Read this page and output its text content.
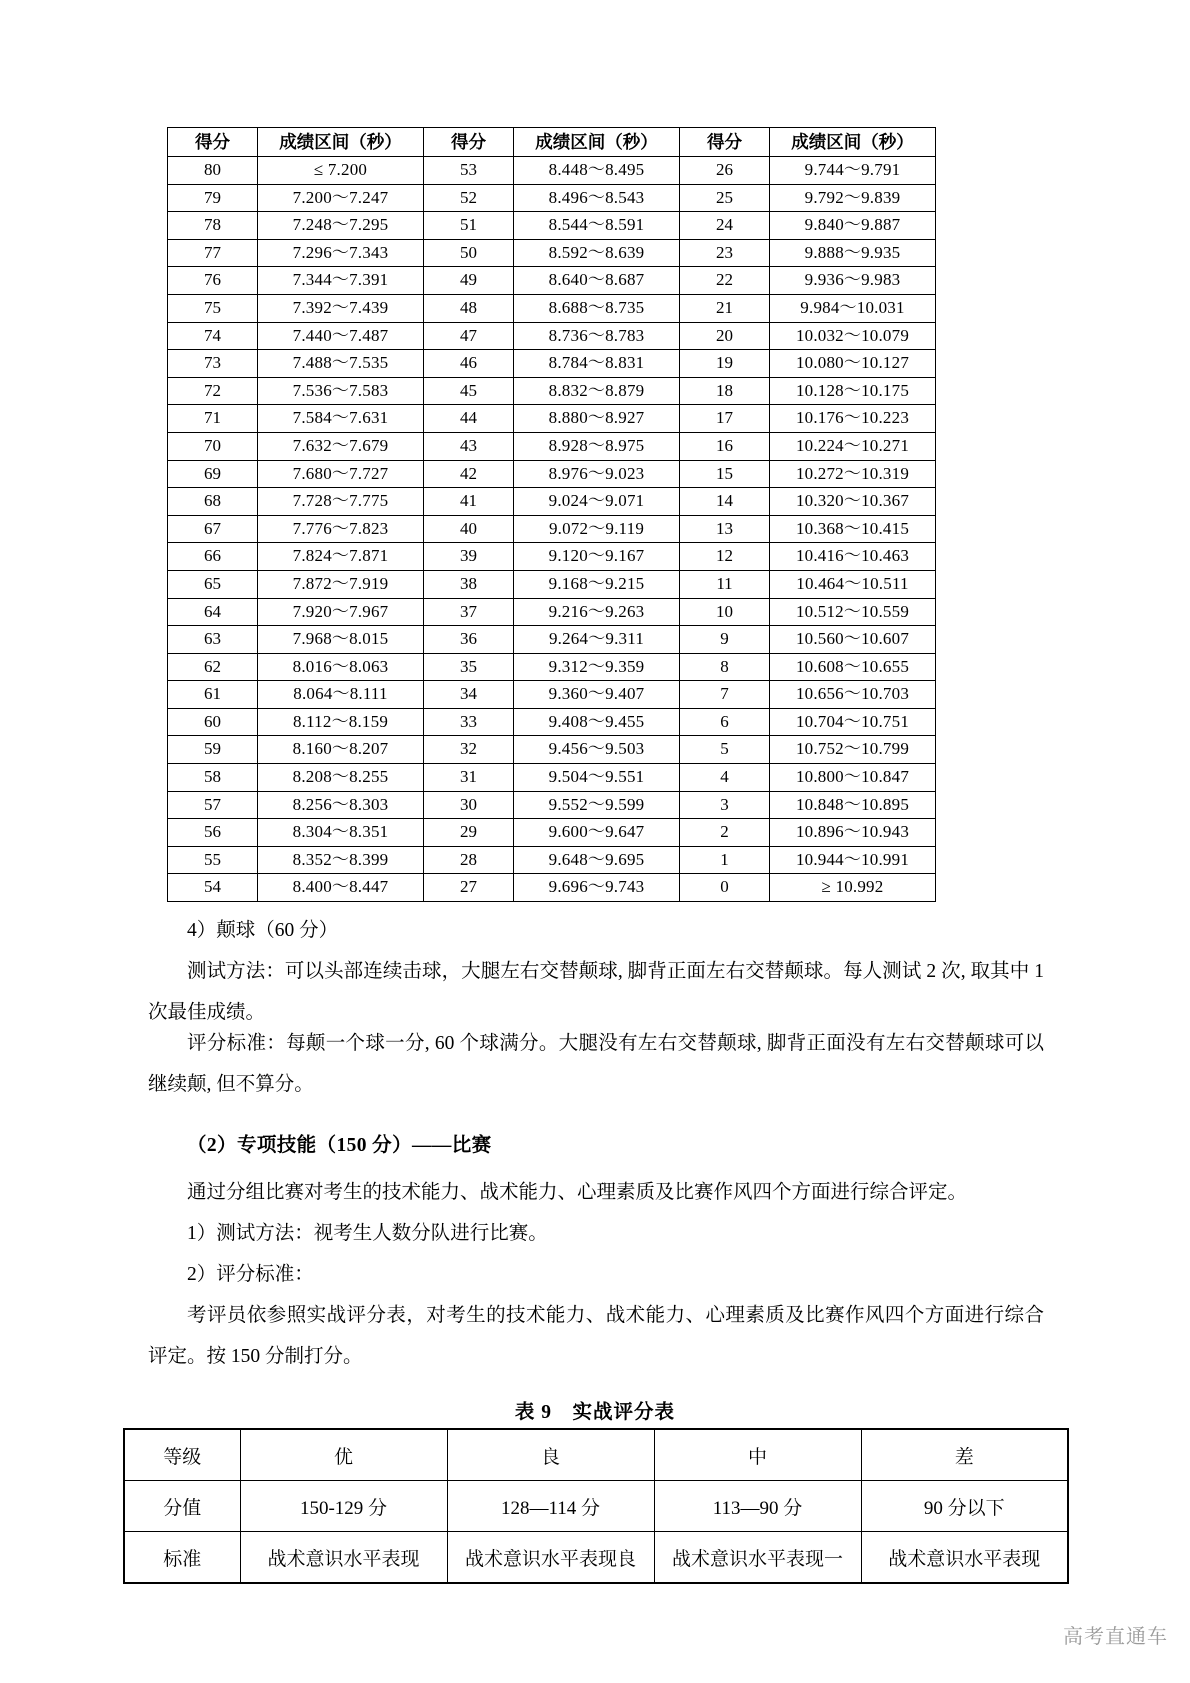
得分	成绩区间（秒）	得分	成绩区间（秒）	得分	成绩区间（秒）
80	≤ 7.200	53	8.448～8.495	26	9.744～9.791
79	7.200～7.247	52	8.496～8.543	25	9.792～9.839
78	7.248～7.295	51	8.544～8.591	24	9.840～9.887
77	7.296～7.343	50	8.592～8.639	23	9.888～9.935
76	7.344～7.391	49	8.640～8.687	22	9.936～9.983
75	7.392～7.439	48	8.688～8.735	21	9.984～10.031
74	7.440～7.487	47	8.736～8.783	20	10.032～10.079
73	7.488～7.535	46	8.784～8.831	19	10.080～10.127
72	7.536～7.583	45	8.832～8.879	18	10.128～10.175
71	7.584～7.631	44	8.880～8.927	17	10.176～10.223
70	7.632～7.679	43	8.928～8.975	16	10.224～10.271
69	7.680～7.727	42	8.976～9.023	15	10.272～10.319
68	7.728～7.775	41	9.024～9.071	14	10.320～10.367
67	7.776～7.823	40	9.072～9.119	13	10.368～10.415
66	7.824～7.871	39	9.120～9.167	12	10.416～10.463
65	7.872～7.919	38	9.168～9.215	11	10.464～10.511
64	7.920～7.967	37	9.216～9.263	10	10.512～10.559
63	7.968～8.015	36	9.264～9.311	9	10.560～10.607
62	8.016～8.063	35	9.312～9.359	8	10.608～10.655
61	8.064～8.111	34	9.360～9.407	7	10.656～10.703
60	8.112～8.159	33	9.408～9.455	6	10.704～10.751
59	8.160～8.207	32	9.456～9.503	5	10.752～10.799
58	8.208～8.255	31	9.504～9.551	4	10.800～10.847
57	8.256～8.303	30	9.552～9.599	3	10.848～10.895
56	8.304～8.351	29	9.600～9.647	2	10.896～10.943
55	8.352～8.399	28	9.648～9.695	1	10.944～10.991
54	8.400～8.447	27	9.696～9.743	0	≥ 10.992
4）颠球（60 分）
测试方法：可以头部连续击球，大腿左右交替颠球, 脚背正面左右交替颠球。每人测试 2 次, 取其中 1 次最佳成绩。
评分标准：每颠一个球一分, 60 个球满分。大腿没有左右交替颠球, 脚背正面没有左右交替颠球可以继续颠, 但不算分。
（2）专项技能（150 分）——比赛
通过分组比赛对考生的技术能力、战术能力、心理素质及比赛作风四个方面进行综合评定。
1）测试方法：视考生人数分队进行比赛。
2）评分标准：
考评员依参照实战评分表，对考生的技术能力、战术能力、心理素质及比赛作风四个方面进行综合评定。按 150 分制打分。
表 9　实战评分表
等级	优	良	中	差
分值	150-129 分	128—114 分	113—90 分	90 分以下
标准	战术意识水平表现	战术意识水平表现良	战术意识水平表现一	战术意识水平表现
高考直通车
